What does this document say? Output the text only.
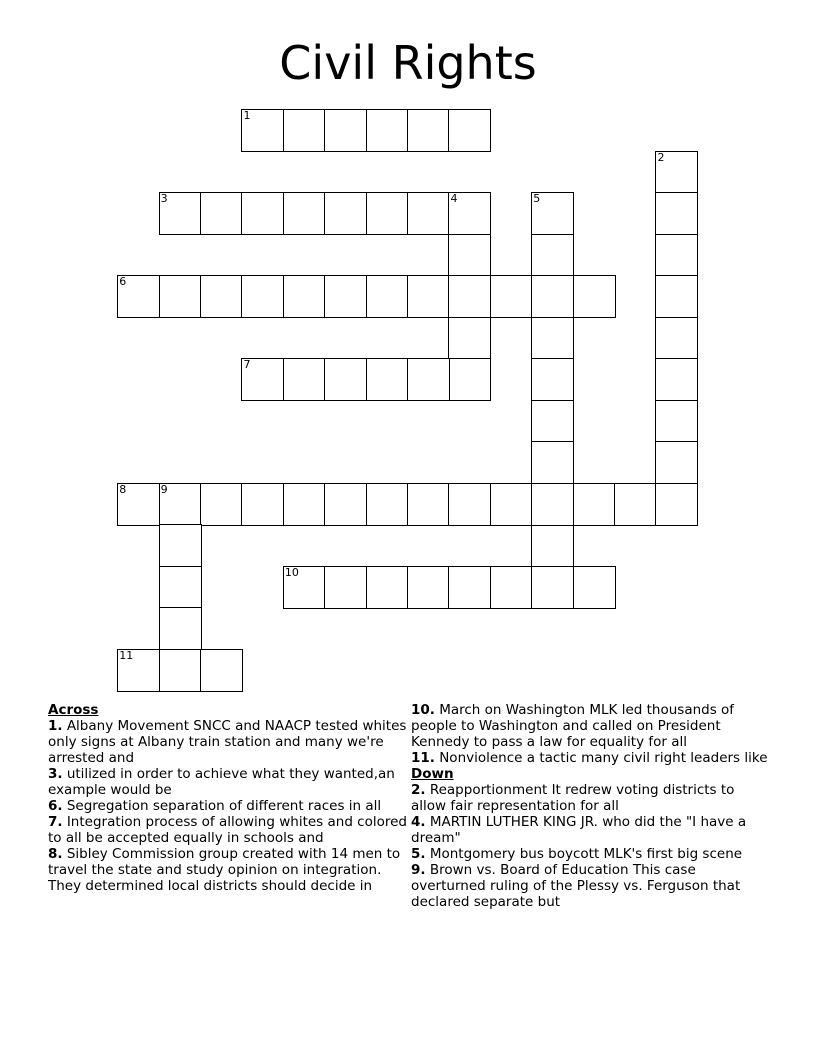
Civil Rights
1
2
3	4	5
6
7
8	9
10
11
Across
1. Albany Movement SNCC and NAACP tested whites only signs at Albany train station and many we're arrested and
3. utilized in order to achieve what they wanted,an example would be
6. Segregation separation of different races in all
7. Integration process of allowing whites and colored to all be accepted equally in schools and
8. Sibley Commission group created with 14 men to travel the state and study opinion on integration. They determined local districts should decide in
10. March on Washington MLK led thousands of people to Washington and called on President Kennedy to pass a law for equality for all
11. Nonviolence a tactic many civil right leaders like
Down
2. Reapportionment It redrew voting districts to allow fair representation for all
4. MARTIN LUTHER KING JR. who did the "I have a dream"
5. Montgomery bus boycott MLK's first big scene
9. Brown vs. Board of Education This case overturned ruling of the Plessy vs. Ferguson that declared separate but
